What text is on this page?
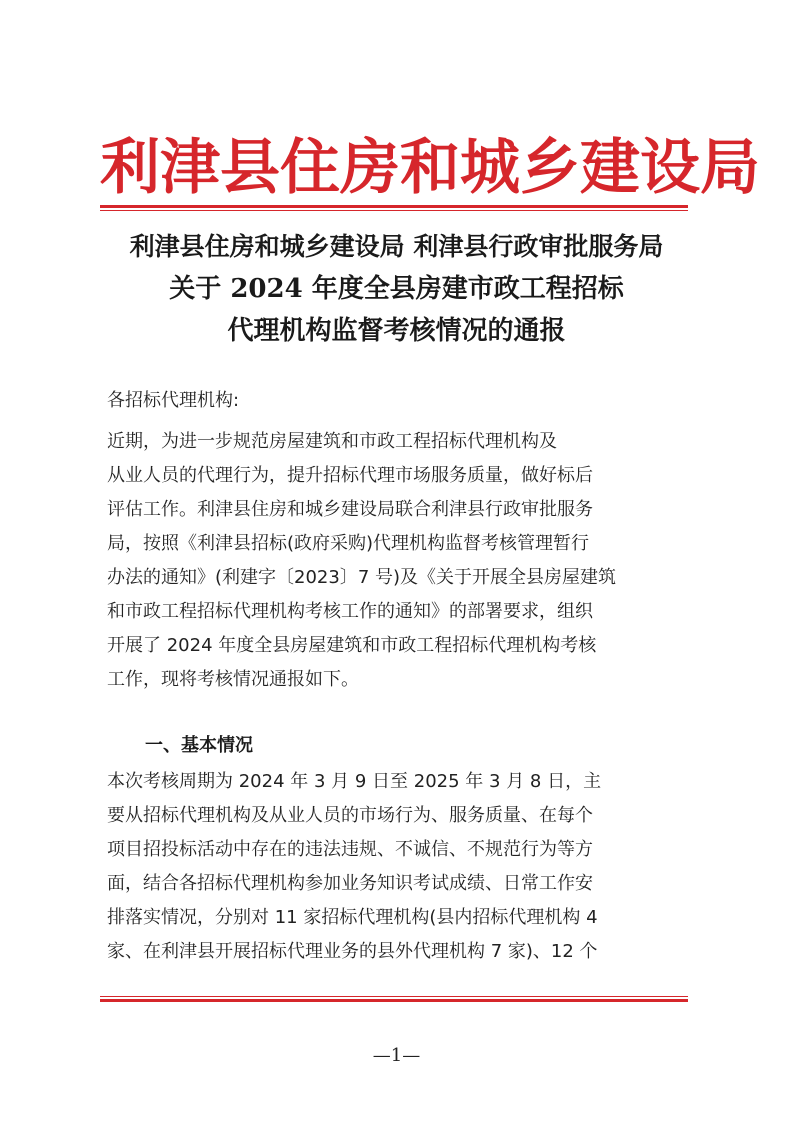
利津县住房和城乡建设局
利津县住房和城乡建设局 利津县行政审批服务局
关于 2024 年度全县房建市政工程招标
代理机构监督考核情况的通报
各招标代理机构:
近期，为进一步规范房屋建筑和市政工程招标代理机构及
从业人员的代理行为，提升招标代理市场服务质量，做好标后
评估工作。利津县住房和城乡建设局联合利津县行政审批服务
局，按照《利津县招标(政府采购)代理机构监督考核管理暂行
办法的通知》(利建字〔2023〕7 号)及《关于开展全县房屋建筑
和市政工程招标代理机构考核工作的通知》的部署要求，组织
开展了 2024 年度全县房屋建筑和市政工程招标代理机构考核
工作，现将考核情况通报如下。
一、基本情况
本次考核周期为 2024 年 3 月 9 日至 2025 年 3 月 8 日，主
要从招标代理机构及从业人员的市场行为、服务质量、在每个
项目招投标活动中存在的违法违规、不诚信、不规范行为等方
面，结合各招标代理机构参加业务知识考试成绩、日常工作安
排落实情况，分别对 11 家招标代理机构(县内招标代理机构 4
家、在利津县开展招标代理业务的县外代理机构 7 家)、12 个
—1—
